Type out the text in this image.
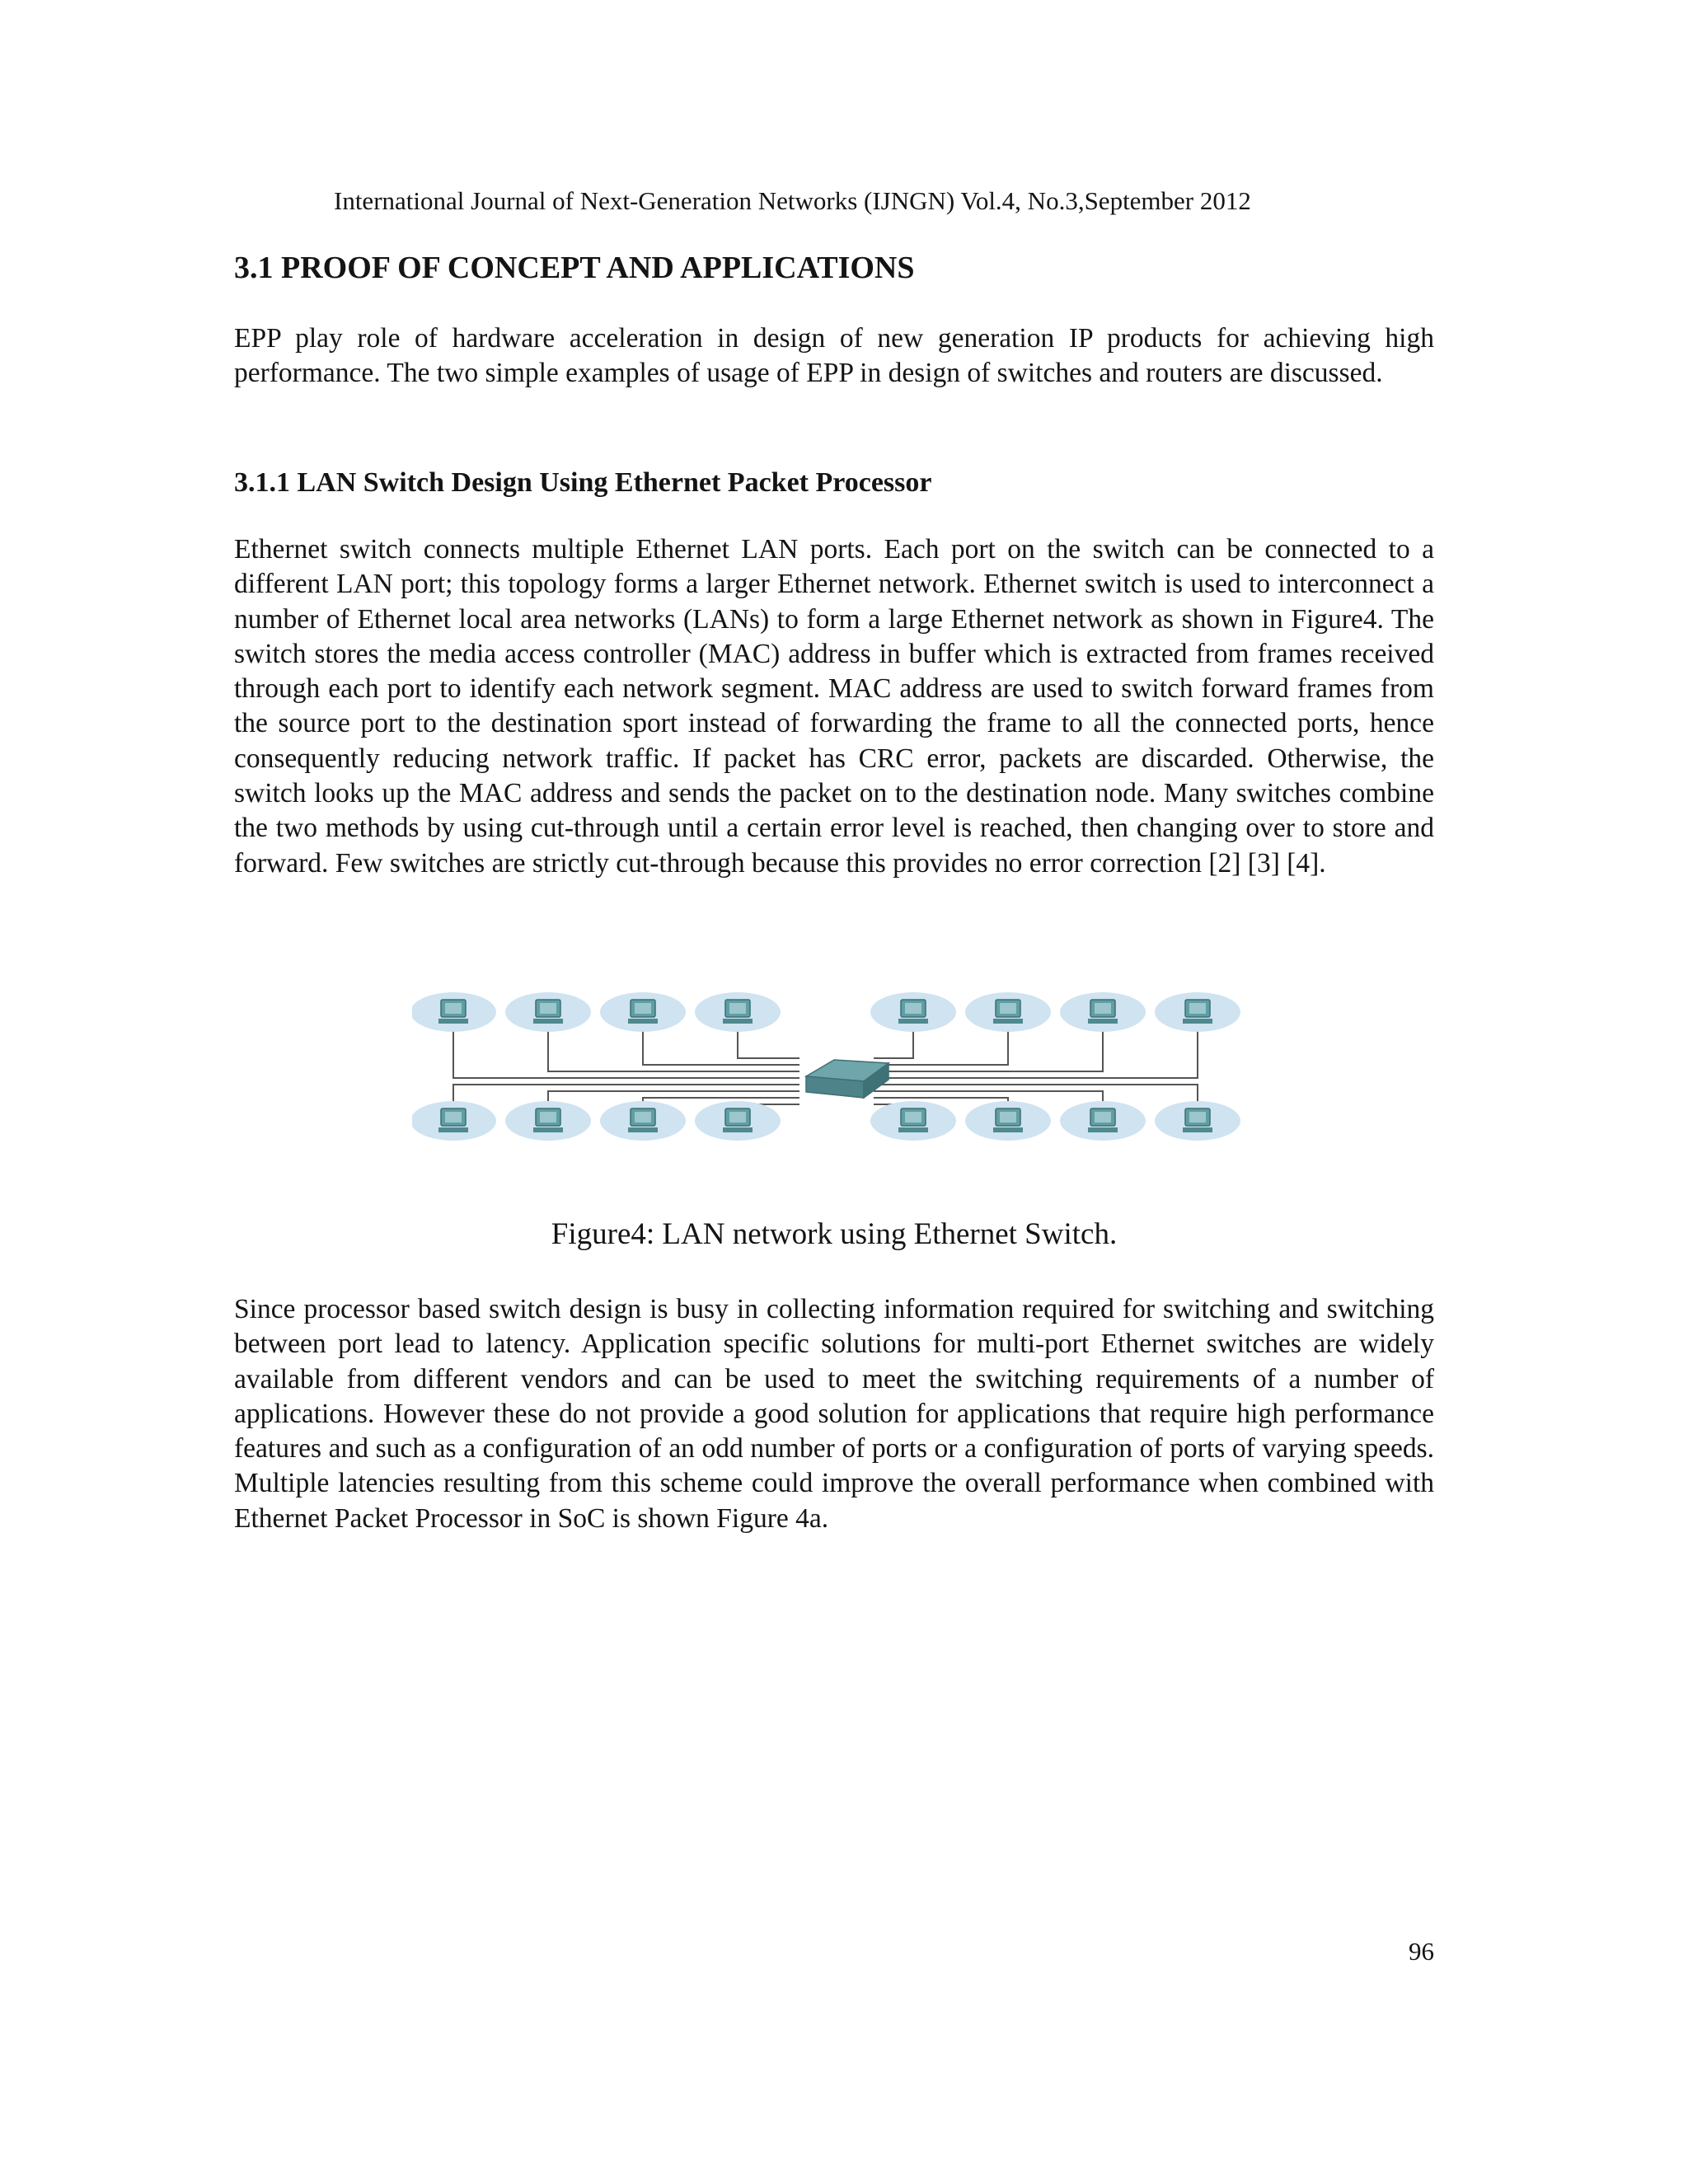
International Journal of Next-Generation Networks (IJNGN) Vol.4, No.3,September 2012
3.1 PROOF OF CONCEPT AND APPLICATIONS

EPP play role of hardware acceleration in design of new generation IP products for achieving high performance. The two simple examples of usage of EPP in design of switches and routers are discussed.

3.1.1 LAN Switch Design Using Ethernet Packet Processor

Ethernet switch connects multiple Ethernet LAN ports. Each port on the switch can be connected to a different LAN port; this topology forms a larger Ethernet network. Ethernet switch is used to interconnect a number of Ethernet local area networks (LANs) to form a large Ethernet network as shown in Figure4. The switch stores the media access controller (MAC) address in buffer which is extracted from frames received through each port to identify each network segment. MAC address are used to switch forward frames from the source port to the destination sport instead of forwarding the frame to all the connected ports, hence consequently reducing network traffic. If packet has CRC error, packets are discarded. Otherwise, the switch looks up the MAC address and sends the packet on to the destination node. Many switches combine the two methods by using cut-through until a certain error level is reached, then changing over to store and forward. Few switches are strictly cut-through because this provides no error correction [2] [3] [4].

Figure4: LAN network using Ethernet Switch.

Since processor based switch design is busy in collecting information required for switching and switching between port lead to latency. Application specific solutions for multi-port Ethernet switches are widely available from different vendors and can be used to meet the switching requirements of a number of applications. However these do not provide a good solution for applications that require high performance features and such as a configuration of an odd number of ports or a configuration of ports of varying speeds. Multiple latencies resulting from this scheme could improve the overall performance when combined with Ethernet Packet Processor in SoC is shown Figure 4a.

96
